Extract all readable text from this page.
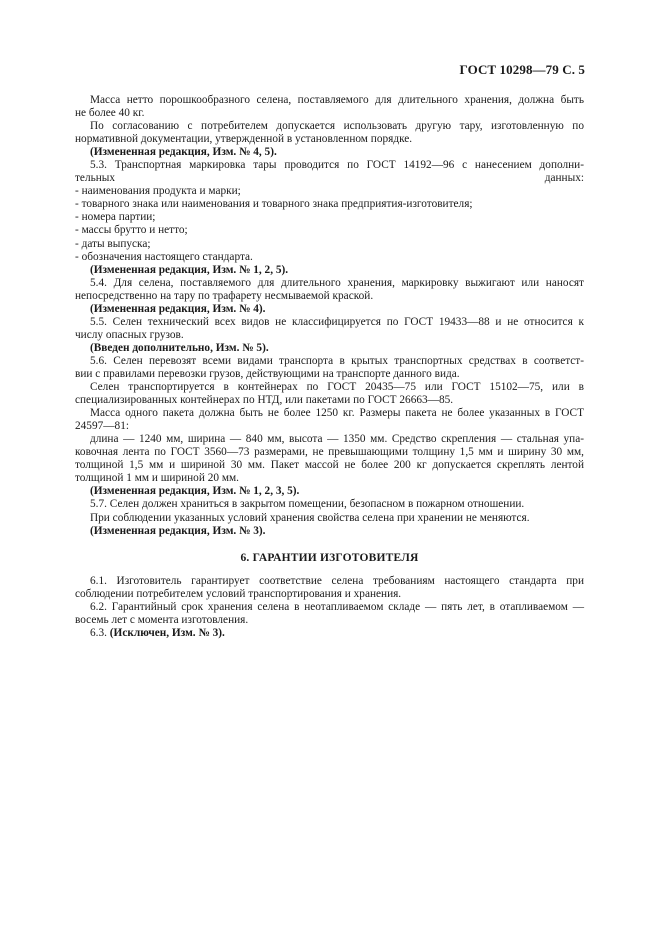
ГОСТ 10298—79 С. 5
Масса нетто порошкообразного селена, поставляемого для длительного хранения, должна быть
не более 40 кг.
По согласованию с потребителем допускается использовать другую тару, изготовленную по
нормативной документации, утвержденной в установленном порядке.
(Измененная редакция, Изм. № 4, 5).
5.3. Транспортная маркировка тары проводится по ГОСТ 14192—96 с нанесением дополни-
тельных данных:
- наименования продукта и марки;
- товарного знака или наименования и товарного знака предприятия-изготовителя;
- номера партии;
- массы брутто и нетто;
- даты выпуска;
- обозначения настоящего стандарта.
(Измененная редакция, Изм. № 1, 2, 5).
5.4. Для селена, поставляемого для длительного хранения, маркировку выжигают или наносят
непосредственно на тару по трафарету несмываемой краской.
(Измененная редакция, Изм. № 4).
5.5. Селен технический всех видов не классифицируется по ГОСТ 19433—88 и не относится к
числу опасных грузов.
(Введен дополнительно, Изм. № 5).
5.6. Селен перевозят всеми видами транспорта в крытых транспортных средствах в соответст-
вии с правилами перевозки грузов, действующими на транспорте данного вида.
Селен транспортируется в контейнерах по ГОСТ 20435—75 или ГОСТ 15102—75, или в
специализированных контейнерах по НТД, или пакетами по ГОСТ 26663—85.
Масса одного пакета должна быть не более 1250 кг. Размеры пакета не более указанных в ГОСТ
24597—81:
длина — 1240 мм, ширина — 840 мм, высота — 1350 мм. Средство скрепления — стальная упа-
ковочная лента по ГОСТ 3560—73 размерами, не превышающими толщину 1,5 мм и ширину 30 мм,
толщиной 1,5 мм и шириной 30 мм. Пакет массой не более 200 кг допускается скреплять лентой
толщиной 1 мм и шириной 20 мм.
(Измененная редакция, Изм. № 1, 2, 3, 5).
5.7. Селен должен храниться в закрытом помещении, безопасном в пожарном отношении.
При соблюдении указанных условий хранения свойства селена при хранении не меняются.
(Измененная редакция, Изм. № 3).
6. ГАРАНТИИ ИЗГОТОВИТЕЛЯ
6.1. Изготовитель гарантирует соответствие селена требованиям настоящего стандарта при
соблюдении потребителем условий транспортирования и хранения.
6.2. Гарантийный срок хранения селена в неотапливаемом складе — пять лет, в отапливаемом —
восемь лет с момента изготовления.
6.3. (Исключен, Изм. № 3).
